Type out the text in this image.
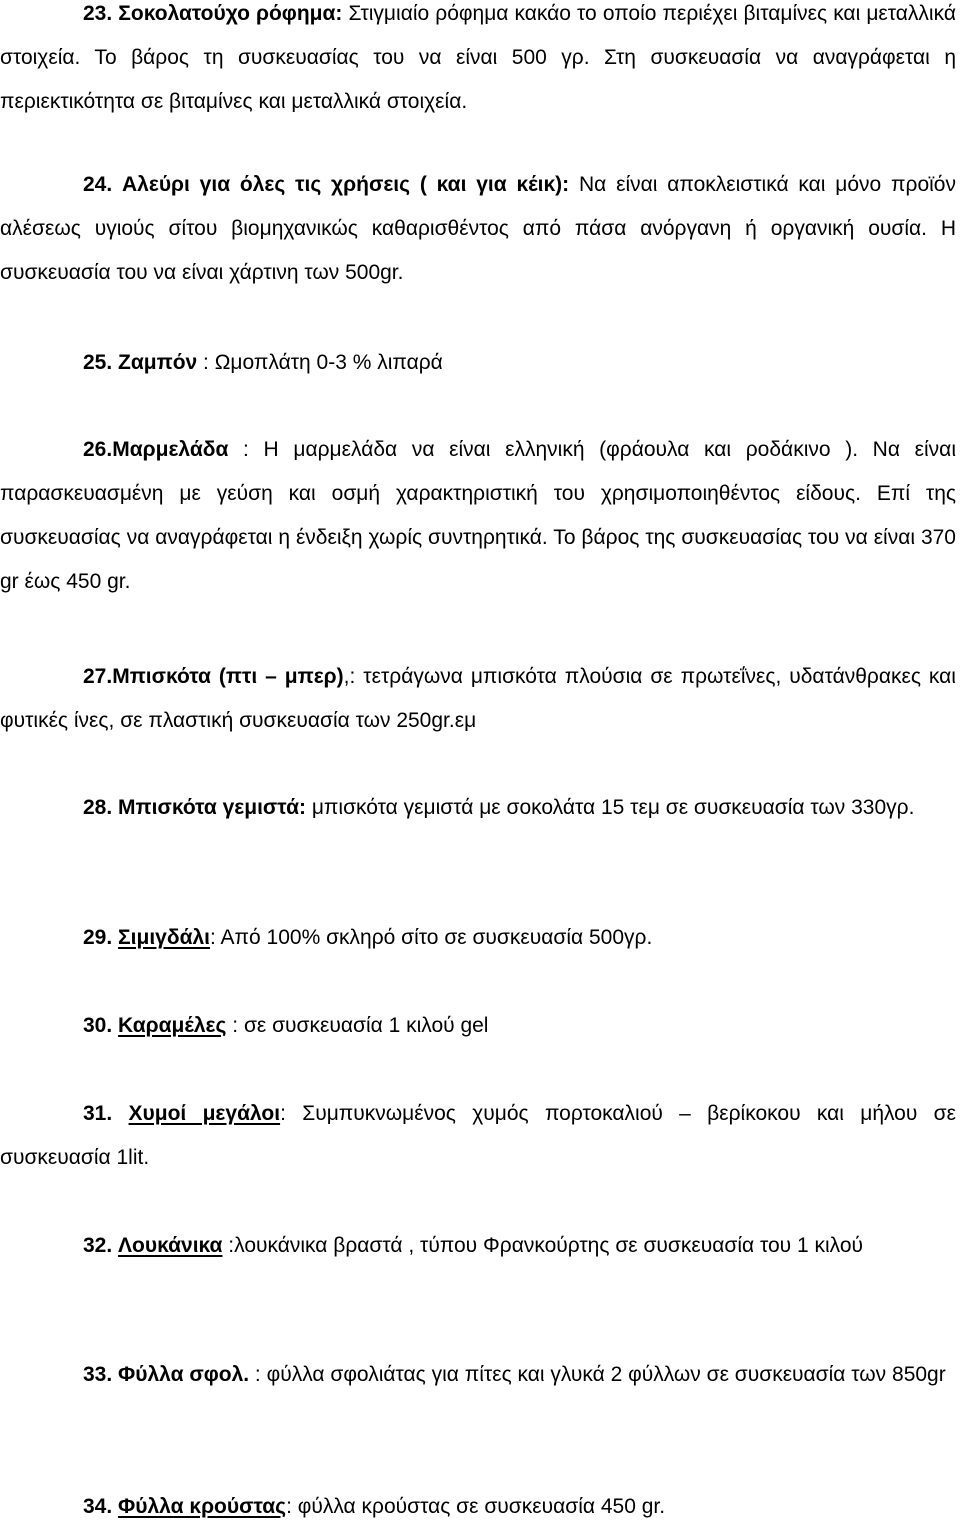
23. Σοκολατούχο ρόφημα: Στιγμιαίο ρόφημα κακάο το οποίο περιέχει βιταμίνες και μεταλλικά στοιχεία. Το βάρος τη συσκευασίας του να είναι 500 γρ. Στη συσκευασία να αναγράφεται η περιεκτικότητα σε βιταμίνες και μεταλλικά στοιχεία.

24. Αλεύρι για όλες τις χρήσεις ( και για κέικ): Να είναι αποκλειστικά και μόνο προϊόν αλέσεως υγιούς σίτου βιομηχανικώς καθαρισθέντος από πάσα ανόργανη ή οργανική ουσία. Η συσκευασία του να είναι χάρτινη των 500gr.

25. Ζαμπόν : Ωμοπλάτη 0-3 % λιπαρά

26.Μαρμελάδα : Η μαρμελάδα να είναι ελληνική (φράουλα και ροδάκινο ). Να είναι παρασκευασμένη με γεύση και οσμή χαρακτηριστική του χρησιμοποιηθέντος είδους. Επί της συσκευασίας να αναγράφεται η ένδειξη χωρίς συντηρητικά. Το βάρος της συσκευασίας του να είναι 370 gr έως 450 gr.

27.Μπισκότα (πτι – μπερ),: τετράγωνα μπισκότα πλούσια σε πρωτεΐνες, υδατάνθρακες και φυτικές ίνες, σε πλαστική συσκευασία των 250gr.εμ

28. Μπισκότα γεμιστά: μπισκότα γεμιστά με σοκολάτα 15 τεμ σε συσκευασία των 330γρ.

29. Σιμιγδάλι: Από 100% σκληρό σίτο σε συσκευασία 500γρ.

30. Καραμέλες : σε συσκευασία 1 κιλού gel

31. Χυμοί μεγάλοι: Συμπυκνωμένος χυμός πορτοκαλιού – βερίκοκου και μήλου σε συσκευασία 1lit.

32. Λουκάνικα :λουκάνικα βραστά , τύπου Φρανκούρτης σε συσκευασία του 1 κιλού

33. Φύλλα σφολ. : φύλλα σφολιάτας για πίτες και γλυκά 2 φύλλων σε συσκευασία των 850gr

34. Φύλλα κρούστας: φύλλα κρούστας σε συσκευασία 450 gr.
